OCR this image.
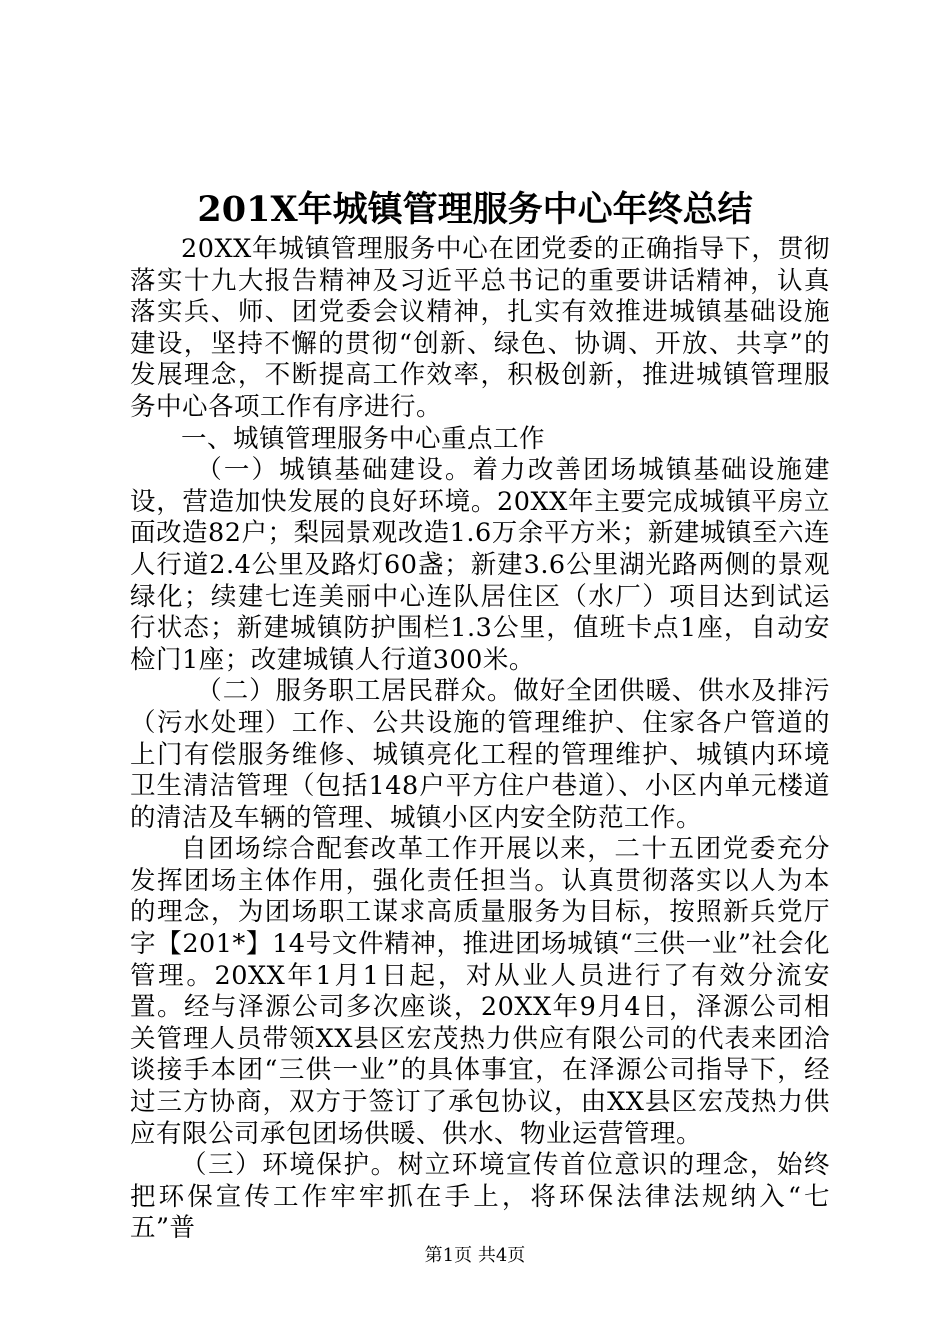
201X年城镇管理服务中心年终总结

20XX年城镇管理服务中心在团党委的正确指导下，贯彻落实十九大报告精神及习近平总书记的重要讲话精神，认真落实兵、师、团党委会议精神，扎实有效推进城镇基础设施建设，坚持不懈的贯彻“创新、绿色、协调、开放、共享”的发展理念，不断提高工作效率，积极创新，推进城镇管理服务中心各项工作有序进行。

一、城镇管理服务中心重点工作

（一）城镇基础建设。着力改善团场城镇基础设施建设，营造加快发展的良好环境。20XX年主要完成城镇平房立面改造82户；梨园景观改造1.6万余平方米；新建城镇至六连人行道2.4公里及路灯60盏；新建3.6公里湖光路两侧的景观绿化；续建七连美丽中心连队居住区（水厂）项目达到试运行状态；新建城镇防护围栏1.3公里，值班卡点1座，自动安检门1座；改建城镇人行道300米。

（二）服务职工居民群众。做好全团供暖、供水及排污（污水处理）工作、公共设施的管理维护、住家各户管道的上门有偿服务维修、城镇亮化工程的管理维护、城镇内环境卫生清洁管理（包括148户平方住户巷道）、小区内单元楼道的清洁及车辆的管理、城镇小区内安全防范工作。

自团场综合配套改革工作开展以来，二十五团党委充分发挥团场主体作用，强化责任担当。认真贯彻落实以人为本的理念，为团场职工谋求高质量服务为目标，按照新兵党厅字【201*】14号文件精神，推进团场城镇“三供一业”社会化管理。20XX年1月1日起，对从业人员进行了有效分流安置。经与泽源公司多次座谈，20XX年9月4日，泽源公司相关管理人员带领XX县区宏茂热力供应有限公司的代表来团洽谈接手本团“三供一业”的具体事宜，在泽源公司指导下，经过三方协商，双方于签订了承包协议，由XX县区宏茂热力供应有限公司承包团场供暖、供水、物业运营管理。

（三）环境保护。树立环境宣传首位意识的理念，始终把环保宣传工作牢牢抓在手上，将环保法律法规纳入“七五”普

第1页 共4页
